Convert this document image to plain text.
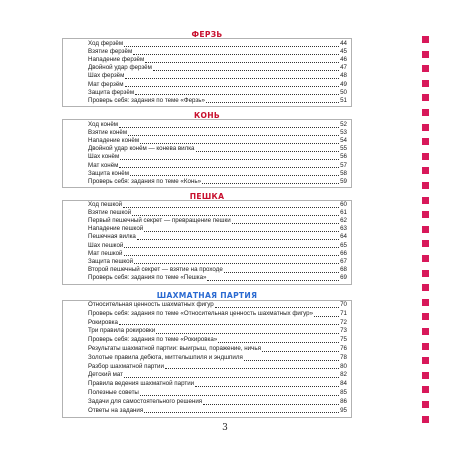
ФЕРЗЬ
Ход ферзём	44
Взятие ферзём	45
Нападение ферзём	46
Двойной удар ферзём	47
Шах ферзём	48
Мат ферзём	49
Защита ферзём	50
Проверь себя: задания по теме «Ферзь»	51
КОНЬ
Ход конём	52
Взятие конём	53
Нападение конём	54
Двойной удар конём — конева вилка	55
Шах конём	56
Мат конём	57
Защита конём	58
Проверь себя: задания по теме «Конь»	59
ПЕШКА
Ход пешкой	60
Взятие пешкой	61
Первый пешечный секрет — превращение пешки	62
Нападение пешкой	63
Пешечная вилка	64
Шах пешкой	65
Мат пешкой	66
Защита пешкой	67
Второй пешечный секрет — взятие на проходе	68
Проверь себя: задания по теме «Пешка»	69
ШАХМАТНАЯ ПАРТИЯ
Относительная ценность шахматных фигур	70
Проверь себя: задания по теме «Относительная ценность шахматных фигур»	71
Рокировка	72
Три правила рокировки	73
Проверь себя: задания по теме «Рокировка»	75
Результаты шахматной партии: выигрыш, поражение, ничья	76
Золотые правила дебюта, миттельшпиля и эндшпиля	78
Разбор шахматной партии	80
Детский мат	82
Правила ведения шахматной партии	84
Полезные советы	85
Задачи для самостоятельного решения	86
Ответы на задания	95
3
